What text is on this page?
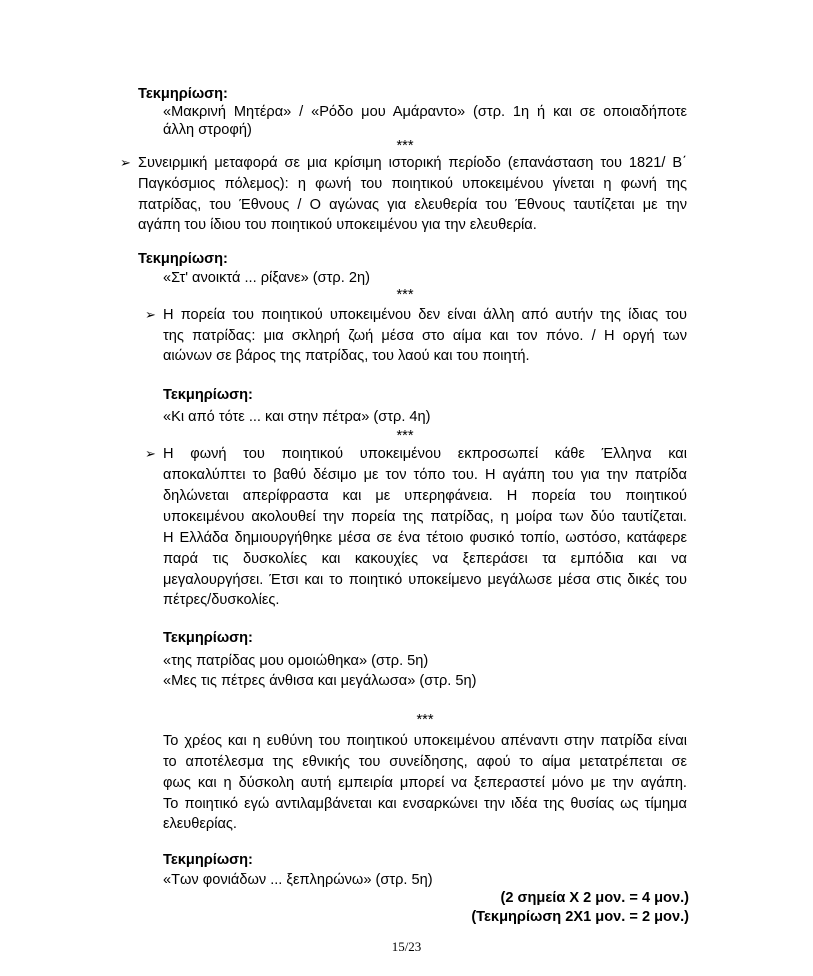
Τεκμηρίωση:
«Μακρινή Μητέρα» / «Ρόδο μου Αμάραντο» (στρ. 1η ή και σε οποιαδήποτε
άλλη στροφή)
***
➢ Συνειρμική μεταφορά σε μια κρίσιμη ιστορική περίοδο (επανάσταση του 1821/ Β΄
Παγκόσμιος πόλεμος): η φωνή του ποιητικού υποκειμένου γίνεται η φωνή της
πατρίδας, του Έθνους / Ο αγώνας για ελευθερία του Έθνους ταυτίζεται με την
αγάπη του ίδιου του ποιητικού υποκειμένου για την ελευθερία.
Τεκμηρίωση:
«Στ' ανοικτά ... ρίξανε» (στρ. 2η)
***
➢ Η πορεία του ποιητικού υποκειμένου δεν είναι άλλη από αυτήν της ίδιας του
της πατρίδας: μια σκληρή ζωή μέσα στο αίμα και τον πόνο. / Η οργή των
αιώνων σε βάρος της πατρίδας, του λαού και του ποιητή.
Τεκμηρίωση:
«Κι από τότε ... και στην πέτρα» (στρ. 4η)
***
➢ Η φωνή του ποιητικού υποκειμένου εκπροσωπεί κάθε Έλληνα και
αποκαλύπτει το βαθύ δέσιμο με τον τόπο του. Η αγάπη του για την πατρίδα
δηλώνεται απερίφραστα και με υπερηφάνεια. Η πορεία του ποιητικού
υποκειμένου ακολουθεί την πορεία της πατρίδας, η μοίρα των δύο ταυτίζεται.
Η Ελλάδα δημιουργήθηκε μέσα σε ένα τέτοιο φυσικό τοπίο, ωστόσο, κατάφερε
παρά τις δυσκολίες και κακουχίες να ξεπεράσει τα εμπόδια και να
μεγαλουργήσει. Έτσι και το ποιητικό υποκείμενο μεγάλωσε μέσα στις δικές του
πέτρες/δυσκολίες.
Τεκμηρίωση:
«της πατρίδας μου ομοιώθηκα» (στρ. 5η)
«Μες τις πέτρες άνθισα και μεγάλωσα» (στρ. 5η)
***
Το χρέος και η ευθύνη του ποιητικού υποκειμένου απέναντι στην πατρίδα είναι
το αποτέλεσμα της εθνικής του συνείδησης, αφού το αίμα μετατρέπεται σε
φως και η δύσκολη αυτή εμπειρία μπορεί να ξεπεραστεί μόνο με την αγάπη.
Το ποιητικό εγώ αντιλαμβάνεται και ενσαρκώνει την ιδέα της θυσίας ως τίμημα
ελευθερίας.
Τεκμηρίωση:
«Των φονιάδων ... ξεπληρώνω» (στρ. 5η)
(2 σημεία Χ 2 μον. = 4 μον.)
(Τεκμηρίωση 2Χ1 μον. = 2 μον.)
15/23
